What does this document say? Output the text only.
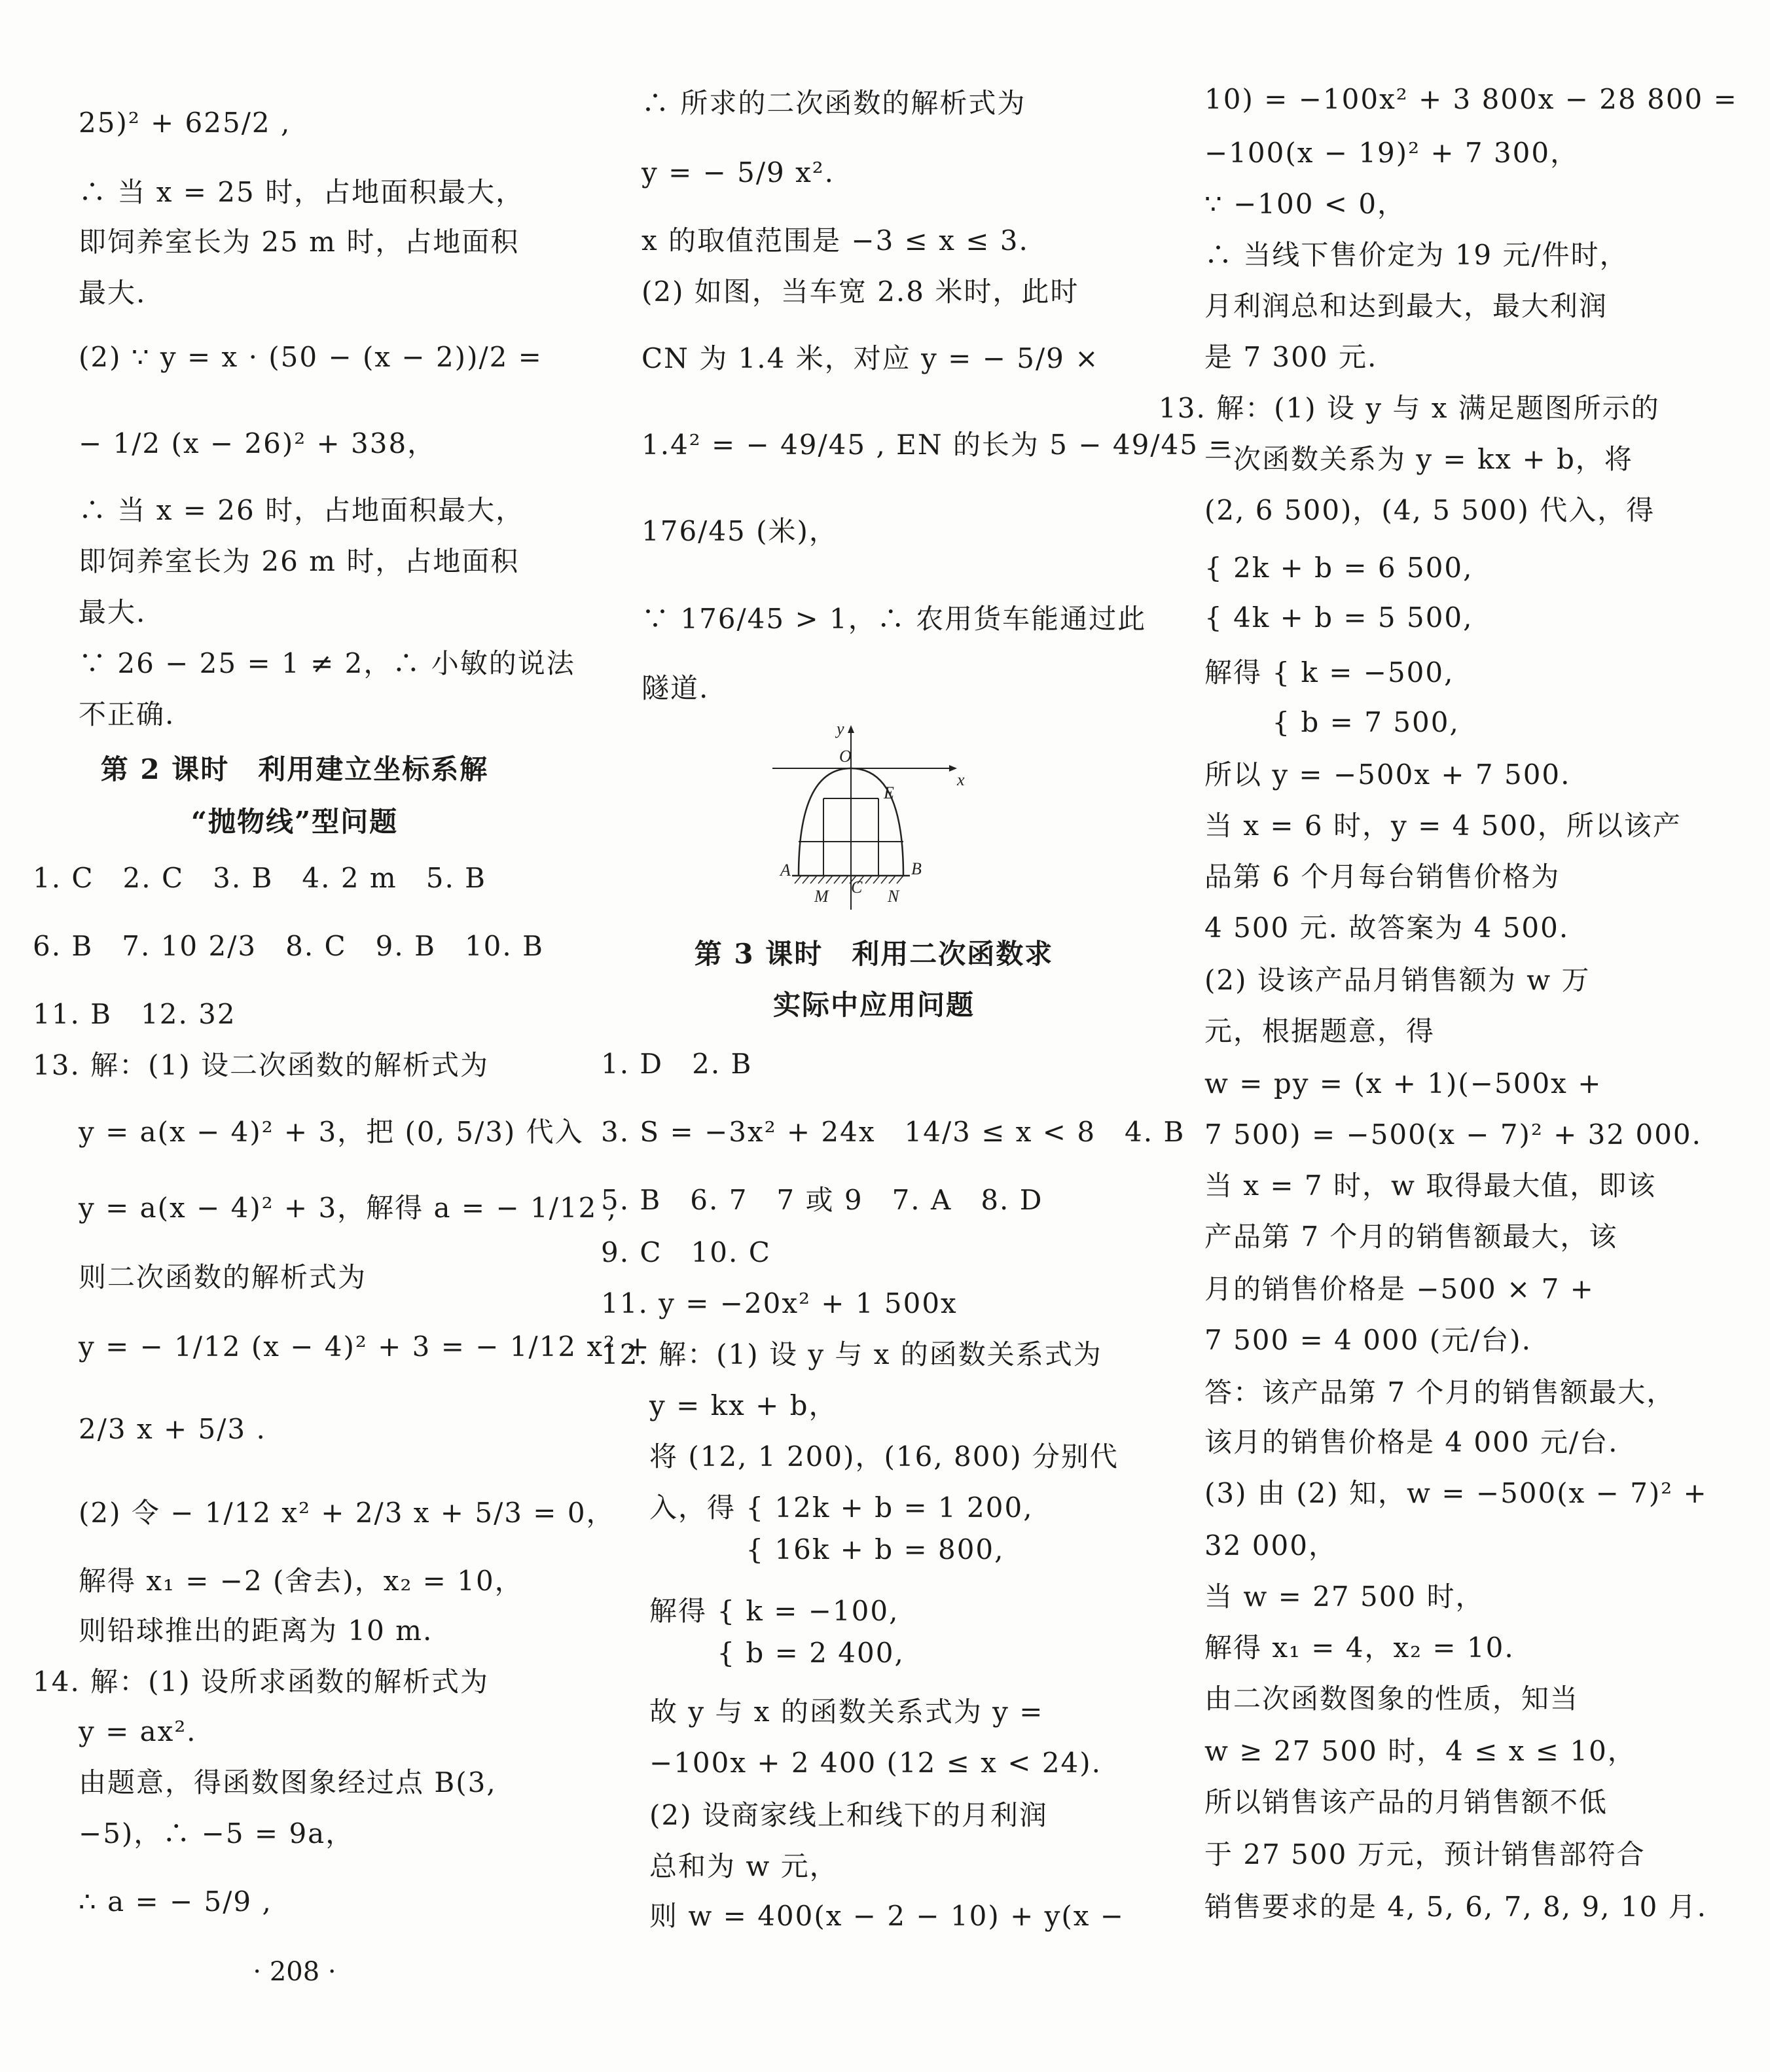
25)² + 625/2 ,
∴ 当 x = 25 时，占地面积最大，
即饲养室长为 25 m 时，占地面积
最大.
(2) ∵ y = x · (50 − (x − 2))/2 =
− 1/2 (x − 26)² + 338，
∴ 当 x = 26 时，占地面积最大，
即饲养室长为 26 m 时，占地面积
最大.
∵ 26 − 25 = 1 ≠ 2，∴ 小敏的说法
不正确.
第 2 课时　利用建立坐标系解
“抛物线”型问题
1. C　2. C　3. B　4. 2 m　5. B
6. B　7. 10 2/3　8. C　9. B　10. B
11. B　12. 32
13. 解：(1) 设二次函数的解析式为
y = a(x − 4)² + 3，把 (0, 5/3) 代入
y = a(x − 4)² + 3，解得 a = − 1/12 ,
则二次函数的解析式为
y = − 1/12 (x − 4)² + 3 = − 1/12 x² +
2/3 x + 5/3 .
(2) 令 − 1/12 x² + 2/3 x + 5/3 = 0，
解得 x₁ = −2 (舍去)，x₂ = 10，
则铅球推出的距离为 10 m.
14. 解：(1) 设所求函数的解析式为
y = ax².
由题意，得函数图象经过点 B(3,
−5)，∴ −5 = 9a，
∴ a = − 5/9 ,
· 208 ·
∴ 所求的二次函数的解析式为
y = − 5/9 x².
x 的取值范围是 −3 ≤ x ≤ 3.
(2) 如图，当车宽 2.8 米时，此时
CN 为 1.4 米，对应 y = − 5/9 ×
1.4² = − 49/45 , EN 的长为 5 − 49/45 =
176/45 (米)，
∵ 176/45 > 1，∴ 农用货车能通过此
隧道.
第 3 课时　利用二次函数求
实际中应用问题
1. D　2. B
3. S = −3x² + 24x　14/3 ≤ x < 8　4. B
5. B　6. 7　7 或 9　7. A　8. D
9. C　10. C
11. y = −20x² + 1 500x
12. 解：(1) 设 y 与 x 的函数关系式为
y = kx + b，
将 (12, 1 200)，(16, 800) 分别代
入，得 { 12k + b = 1 200,
　　　 { 16k + b = 800,
解得 { k = −100,
　　 { b = 2 400,
故 y 与 x 的函数关系式为 y =
−100x + 2 400 (12 ≤ x < 24).
(2) 设商家线上和线下的月利润
总和为 w 元，
则 w = 400(x − 2 − 10) + y(x −
y
x
O
E
A	B
M C N
10) = −100x² + 3 800x − 28 800 =
−100(x − 19)² + 7 300，
∵ −100 < 0，
∴ 当线下售价定为 19 元/件时，
月利润总和达到最大，最大利润
是 7 300 元.
13. 解：(1) 设 y 与 x 满足题图所示的
一次函数关系为 y = kx + b，将
(2, 6 500)，(4, 5 500) 代入，得
{ 2k + b = 6 500,
{ 4k + b = 5 500,
解得 { k = −500,
　　 { b = 7 500,
所以 y = −500x + 7 500.
当 x = 6 时，y = 4 500，所以该产
品第 6 个月每台销售价格为
4 500 元. 故答案为 4 500.
(2) 设该产品月销售额为 w 万
元，根据题意，得
w = py = (x + 1)(−500x +
7 500) = −500(x − 7)² + 32 000.
当 x = 7 时，w 取得最大值，即该
产品第 7 个月的销售额最大，该
月的销售价格是 −500 × 7 +
7 500 = 4 000 (元/台).
答：该产品第 7 个月的销售额最大，
该月的销售价格是 4 000 元/台.
(3) 由 (2) 知，w = −500(x − 7)² +
32 000，
当 w = 27 500 时，
解得 x₁ = 4，x₂ = 10.
由二次函数图象的性质，知当
w ≥ 27 500 时，4 ≤ x ≤ 10，
所以销售该产品的月销售额不低
于 27 500 万元，预计销售部符合
销售要求的是 4, 5, 6, 7, 8, 9, 10 月.
